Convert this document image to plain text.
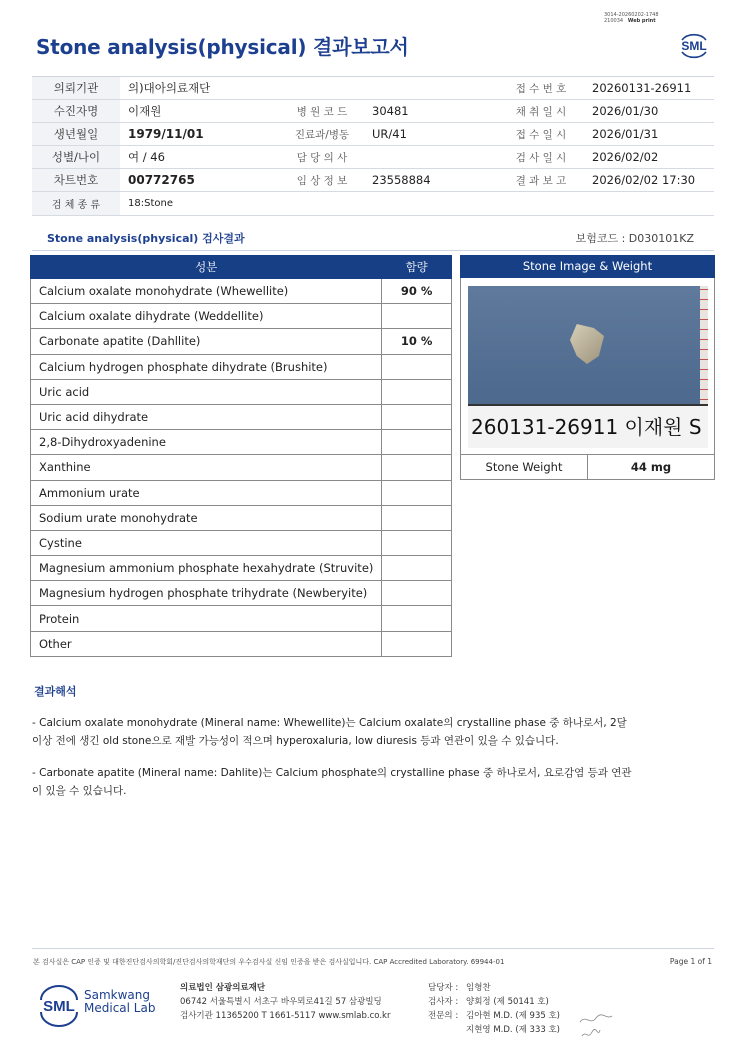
3014-20260202-1748
210034 Web print
Stone analysis(physical) 결과보고서	SML
의뢰기관	의)대아의료재단			접 수 번 호	20260131-26911
수진자명	이재원	병 원 코 드	30481	채 취 일 시	2026/01/30
생년월일	1979/11/01	진료과/병동	UR/41	접 수 일 시	2026/01/31
성별/나이	여 / 46	담 당 의 사		검 사 일 시	2026/02/02
차트번호	00772765	임 상 정 보	23558884	결 과 보 고	2026/02/02 17:30
검 체 종 류	18:Stone				
Stone analysis(physical) 검사결과	보험코드 : D030101KZ
성분	함량
Calcium oxalate monohydrate (Whewellite)	90 %
Calcium oxalate dihydrate (Weddellite)	
Carbonate apatite (Dahllite)	10 %
Calcium hydrogen phosphate dihydrate (Brushite)	
Uric acid	
Uric acid dihydrate	
2,8-Dihydroxyadenine	
Xanthine	
Ammonium urate	
Sodium urate monohydrate	
Cystine	
Magnesium ammonium phosphate hexahydrate (Struvite)	
Magnesium hydrogen phosphate trihydrate (Newberyite)	
Protein	
Other	
Stone Image & Weight
260131-26911 이재원 S
Stone Weight	44 mg
결과해석

- Calcium oxalate monohydrate (Mineral name: Whewellite)는 Calcium oxalate의 crystalline phase 중 하나로서, 2달 이상 전에 생긴 old stone으로 재발 가능성이 적으며 hyperoxaluria, low diuresis 등과 연관이 있을 수 있습니다.

- Carbonate apatite (Mineral name: Dahlite)는 Calcium phosphate의 crystalline phase 중 하나로서, 요로감염 등과 연관이 있을 수 있습니다.

본 검사실은 CAP 인증 및 대한진단검사의학회/진단검사의학재단의 우수검사실 신임 인증을 받은 검사실입니다. CAP Accredited Laboratory. 69944-01	Page 1 of 1
SML
Samkwang
Medical Lab
의료법인 삼광의료재단
06742 서울특별시 서초구 바우뫼로41길 57 삼광빌딩
검사기관 11365200 T 1661-5117 www.smlab.co.kr
담당자 : 임형찬
검사자 : 양회정 (제 50141 호)
전문의 : 김아현 M.D. (제 935 호)
지현영 M.D. (제 333 호)
